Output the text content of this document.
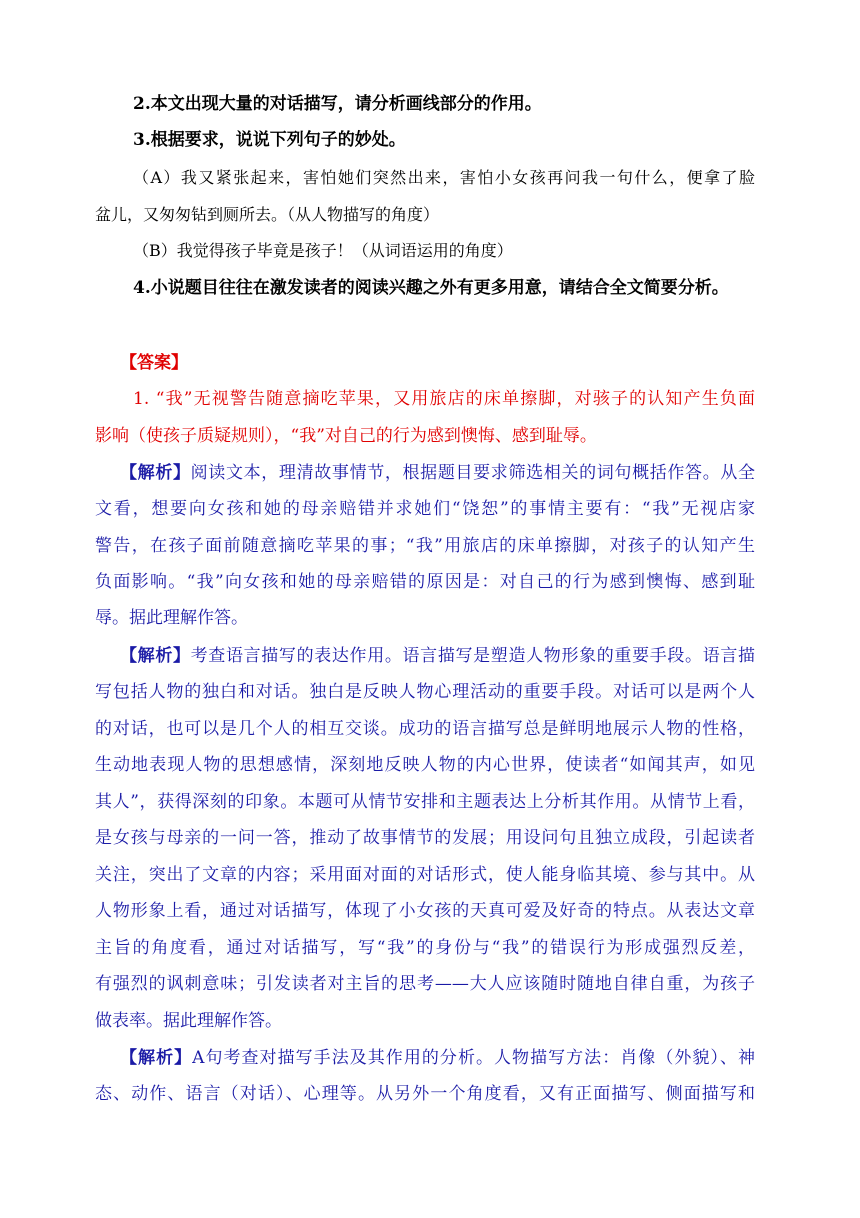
2.本文出现大量的对话描写，请分析画线部分的作用。
3.根据要求，说说下列句子的妙处。
（A）我又紧张起来，害怕她们突然出来，害怕小女孩再问我一句什么，便拿了脸
盆儿，又匆匆钻到厕所去。（从人物描写的角度）
（B）我觉得孩子毕竟是孩子！（从词语运用的角度）
4.小说题目往往在激发读者的阅读兴趣之外有更多用意，请结合全文简要分析。
【答案】
1. “我”无视警告随意摘吃苹果，又用旅店的床单擦脚，对骇子的认知产生负面
影响（使孩子质疑规则），“我”对自己的行为感到懊悔、感到耻辱。
【解析】阅读文本，理清故事情节，根据题目要求筛选相关的词句概括作答。从全
文看，想要向女孩和她的母亲赔错并求她们“饶恕”的事情主要有：“我”无视店家
警告，在孩子面前随意摘吃苹果的事；“我”用旅店的床单擦脚，对孩子的认知产生
负面影响。“我”向女孩和她的母亲赔错的原因是：对自己的行为感到懊悔、感到耻
辱。据此理解作答。
【解析】考查语言描写的表达作用。语言描写是塑造人物形象的重要手段。语言描
写包括人物的独白和对话。独白是反映人物心理活动的重要手段。对话可以是两个人
的对话，也可以是几个人的相互交谈。成功的语言描写总是鲜明地展示人物的性格，
生动地表现人物的思想感情，深刻地反映人物的内心世界，使读者“如闻其声，如见
其人”，获得深刻的印象。本题可从情节安排和主题表达上分析其作用。从情节上看，
是女孩与母亲的一问一答，推动了故事情节的发展；用设问句且独立成段，引起读者
关注，突出了文章的内容；采用面对面的对话形式，使人能身临其境、参与其中。从
人物形象上看，通过对话描写，体现了小女孩的天真可爱及好奇的特点。从表达文章
主旨的角度看，通过对话描写，写“我”的身份与“我”的错误行为形成强烈反差，
有强烈的讽刺意味；引发读者对主旨的思考——大人应该随时随地自律自重，为孩子
做表率。据此理解作答。
【解析】A句考查对描写手法及其作用的分析。人物描写方法：肖像（外貌）、神
态、动作、语言（对话）、心理等。从另外一个角度看，又有正面描写、侧面描写和
